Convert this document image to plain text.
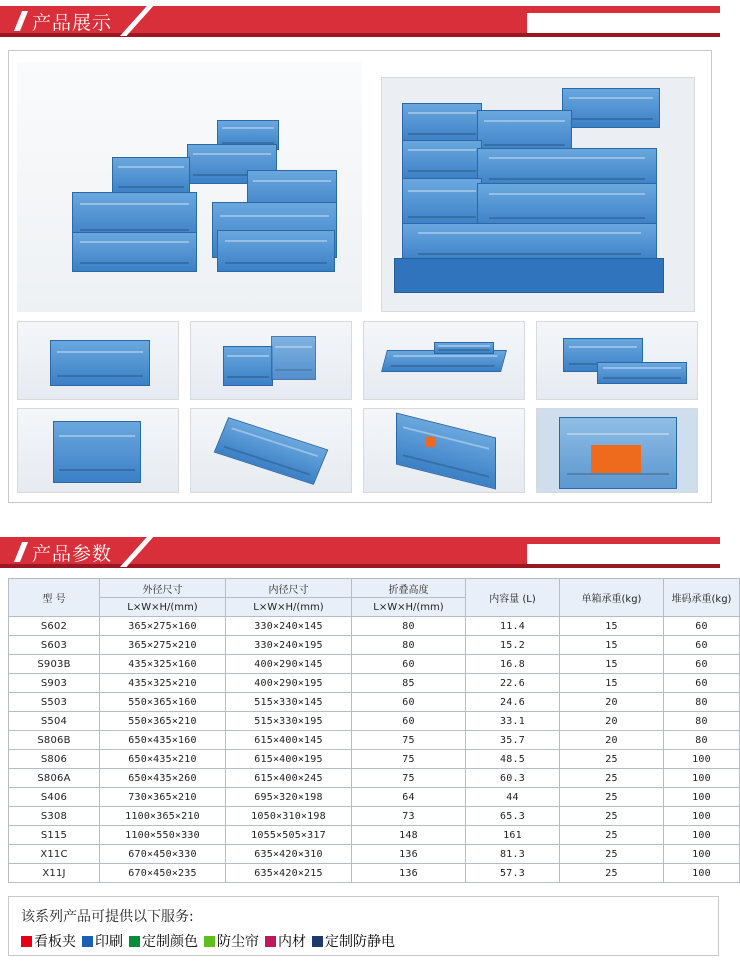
产品展示
产品参数
型 号	外径尺寸	内径尺寸	折叠高度	内容量 (L)	单箱承重(kg)	堆码承重(kg)
	L×W×H/(mm)	L×W×H/(mm)	L×W×H/(mm)			
S602	365×275×160	330×240×145	80	11.4	15	60
S603	365×275×210	330×240×195	80	15.2	15	60
S903B	435×325×160	400×290×145	60	16.8	15	60
S903	435×325×210	400×290×195	85	22.6	15	60
S503	550×365×160	515×330×145	60	24.6	20	80
S504	550×365×210	515×330×195	60	33.1	20	80
S806B	650×435×160	615×400×145	75	35.7	20	80
S806	650×435×210	615×400×195	75	48.5	25	100
S806A	650×435×260	615×400×245	75	60.3	25	100
S406	730×365×210	695×320×198	64	44	25	100
S308	1100×365×210	1050×310×198	73	65.3	25	100
S115	1100×550×330	1055×505×317	148	161	25	100
X11C	670×450×330	635×420×310	136	81.3	25	100
X11J	670×450×235	635×420×215	136	57.3	25	100
该系列产品可提供以下服务:
看板夹 印刷 定制颜色 防尘帘 内材 定制防静电
